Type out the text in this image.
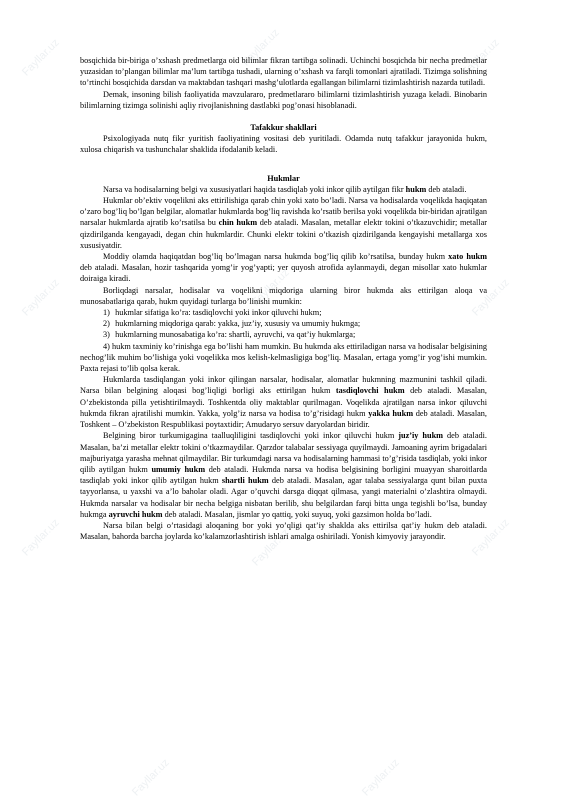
Fayllar.uz	Fayllar.uz	Fayllar.uz
Fayllar.uz	Fayllar.uz	Fayllar.uz
Fayllar.uz	Fayllar.uz	Fayllar.uz
Fayllar.uz	Fayllar.uz

bosqichida bir-biriga o’xshash predmetlarga oid bilimlar fikran tartibga solinadi. Uchinchi bosqichda bir necha predmetlar yuzasidan to’plangan bilimlar ma’lum tartibga tushadi, ularning o’xshash va farqli tomonlari ajratiladi. Tizimga solishning to’rtinchi bosqichida darsdan va maktabdan tashqari mashg’ulotlarda egallangan bilimlarni tizimlashtirish nazarda tutiladi.

Demak, insoning bilish faoliyatida mavzulararo, predmetlararo bilimlarni tizimlashtirish yuzaga keladi. Binobarin bilimlarning tizimga solinishi aqliy rivojlanishning dastlabki pog’onasi hisoblanadi.

Tafakkur shakllari

Psixologiyada nutq fikr yuritish faoliyatining vositasi deb yuritiladi. Odamda nutq tafakkur jarayonida hukm, xulosa chiqarish va tushunchalar shaklida ifodalanib keladi.

Hukmlar

Narsa va hodisalarning belgi va xususiyatlari haqida tasdiqlab yoki inkor qilib aytilgan fikr hukm deb ataladi.

Hukmlar ob’ektiv voqelikni aks ettirilishiga qarab chin yoki xato bo’ladi. Narsa va hodisalarda voqelikda haqiqatan o’zaro bog’liq bo’lgan belgilar, alomatlar hukmlarda bog’liq ravishda ko’rsatib berilsa yoki voqelikda bir-biridan ajratilgan narsalar hukmlarda ajratib ko’rsatilsa bu chin hukm deb ataladi. Masalan, metallar elektr tokini o’tkazuvchidir; metallar qizdirilganda kengayadi, degan chin hukmlardir. Chunki elektr tokini o’tkazish qizdirilganda kengayishi metallarga xos xususiyatdir.

Moddiy olamda haqiqatdan bog’liq bo’lmagan narsa hukmda bog’liq qilib ko’rsatilsa, bunday hukm xato hukm deb ataladi. Masalan, hozir tashqarida yomg’ir yog’yapti; yer quyosh atrofida aylanmaydi, degan misollar xato hukmlar doiraiga kiradi.

Borliqdagi narsalar, hodisalar va voqelikni miqdoriga ularning biror hukmda aks ettirilgan aloqa va munosabatlariga qarab, hukm quyidagi turlarga bo’linishi mumkin:

1) hukmlar sifatiga ko’ra: tasdiqlovchi yoki inkor qiluvchi hukm;

2) hukmlarning miqdoriga qarab: yakka, juz’iy, xususiy va umumiy hukmga;

3) hukmlarning munosabatiga ko’ra: shartli, ayruvchi, va qat’iy hukmlarga;

4) hukm taxminiy ko’rinishga ega bo’lishi ham mumkin. Bu hukmda aks ettiriladigan narsa va hodisalar belgisining nechog’lik muhim bo’lishiga yoki voqelikka mos kelish-kelmasligiga bog’liq. Masalan, ertaga yomg’ir yog’ishi mumkin. Paxta rejasi to’lib qolsa kerak.

Hukmlarda tasdiqlangan yoki inkor qilingan narsalar, hodisalar, alomatlar hukmning mazmunini tashkil qiladi. Narsa bilan belgining aloqasi bog’liqligi borligi aks ettirilgan hukm tasdiqlovchi hukm deb ataladi. Masalan, O’zbekistonda pilla yetishtirilmaydi. Toshkentda oliy maktablar qurilmagan. Voqelikda ajratilgan narsa inkor qiluvchi hukmda fikran ajratilishi mumkin. Yakka, yolg’iz narsa va hodisa to’g’risidagi hukm yakka hukm deb ataladi. Masalan, Toshkent – O’zbekiston Respublikasi poytaxtidir; Amudaryo sersuv daryolardan biridir.

Belgining biror turkumigagina taalluqliligini tasdiqlovchi yoki inkor qiluvchi hukm juz’iy hukm deb ataladi. Masalan, ba’zi metallar elektr tokini o’tkazmaydilar. Qarzdor talabalar sessiyaga quyilmaydi. Jamoaning ayrim brigadalari majburiyatga yarasha mehnat qilmaydilar. Bir turkumdagi narsa va hodisalarning hammasi to’g’risida tasdiqlab, yoki inkor qilib aytilgan hukm umumiy hukm deb ataladi. Hukmda narsa va hodisa belgisining borligini muayyan sharoitlarda tasdiqlab yoki inkor qilib aytilgan hukm shartli hukm deb ataladi. Masalan, agar talaba sessiyalarga qunt bilan puxta tayyorlansa, u yaxshi va a’lo baholar oladi. Agar o’quvchi darsga diqqat qilmasa, yangi materialni o’zlashtira olmaydi. Hukmda narsalar va hodisalar bir necha belgiga nisbatan berilib, shu belgilardan farqi bitta unga tegishli bo’lsa, bunday hukmga ayruvchi hukm deb ataladi. Masalan, jismlar yo qattiq, yoki suyuq, yoki gazsimon holda bo’ladi.

Narsa bilan belgi o’rtasidagi aloqaning bor yoki yo’qligi qat’iy shaklda aks ettirilsa qat’iy hukm deb ataladi. Masalan, bahorda barcha joylarda ko’kalamzorlashtirish ishlari amalga oshiriladi. Yonish kimyoviy jarayondir.
